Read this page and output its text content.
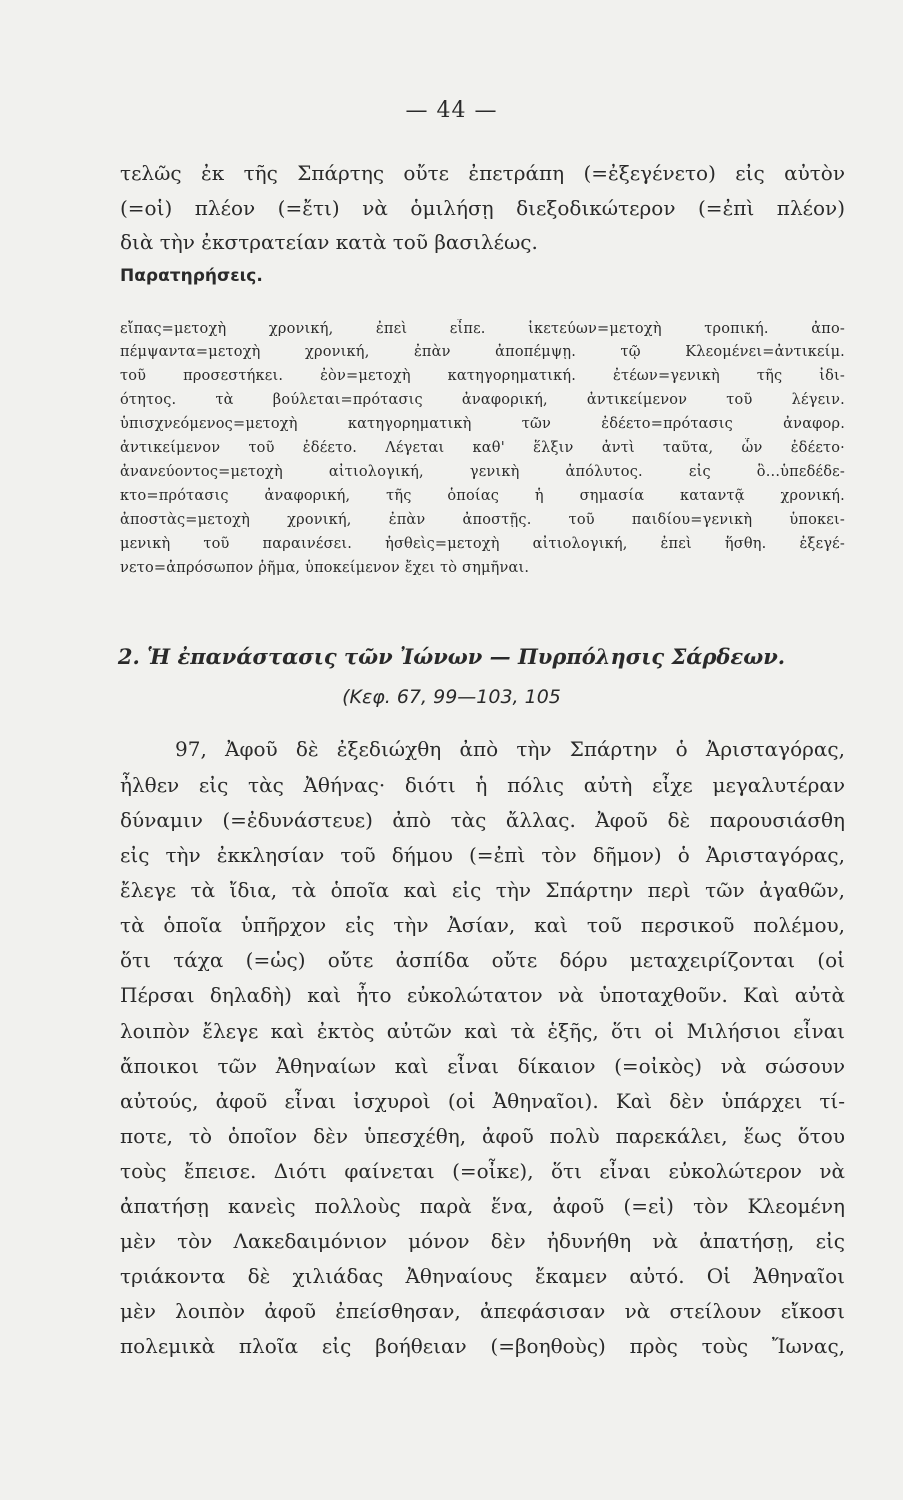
— 44 —
τελῶς ἐκ τῆς Σπάρτης οὔτε ἐπετράπη (=ἐξεγένετο) εἰς αὐτὸν
(=οἱ) πλέον (=ἔτι) νὰ ὁμιλήσῃ διεξοδικώτερον (=ἐπὶ πλέον)
διὰ τὴν ἐκστρατείαν κατὰ τοῦ βασιλέως.
Παρατηρήσεις.
εἴπας=μετοχὴ χρονική, ἐπεὶ εἶπε. ἱκετεύων=μετοχὴ τροπική. ἀπο-
πέμψαντα=μετοχὴ χρονική, ἐπὰν ἀποπέμψῃ. τῷ Κλεομένει=ἀντικείμ.
τοῦ προσεστήκει. ἐὸν=μετοχὴ κατηγορηματική. ἐτέων=γενικὴ τῆς ἰδι-
ότητος. τὰ βούλεται=πρότασις ἀναφορική, ἀντικείμενον τοῦ λέγειν.
ὑπισχνεόμενος=μετοχὴ κατηγορηματικὴ τῶν ἐδέετο=πρότασις ἀναφορ.
ἀντικείμενον τοῦ ἐδέετο. Λέγεται καθ' ἕλξιν ἀντὶ ταῦτα, ὧν ἐδέετο·
ἀνανεύοντος=μετοχὴ αἰτιολογική, γενικὴ ἀπόλυτος. εἰς ὃ...ὑπεδέδε-
κτο=πρότασις ἀναφορική, τῆς ὁποίας ἡ σημασία καταντᾷ χρονική.
ἀποστὰς=μετοχὴ χρονική, ἐπὰν ἀποστῇς. τοῦ παιδίου=γενικὴ ὑποκει-
μενικὴ τοῦ παραινέσει. ἡσθεὶς=μετοχὴ αἰτιολογική, ἐπεὶ ἥσθη. ἐξεγέ-
νετο=ἀπρόσωπον ῥῆμα, ὑποκείμενον ἔχει τὸ σημῆναι.
2. Ἡ ἐπανάστασις τῶν Ἰώνων — Πυρπόλησις Σάρδεων.
(Κεφ. 67, 99—103, 105
97, Ἀφοῦ δὲ ἐξεδιώχθη ἀπὸ τὴν Σπάρτην ὁ Ἀρισταγόρας,
ἦλθεν εἰς τὰς Ἀθήνας· διότι ἡ πόλις αὐτὴ εἶχε μεγαλυτέραν
δύναμιν (=ἐδυνάστευε) ἀπὸ τὰς ἄλλας. Ἀφοῦ δὲ παρουσιάσθη
εἰς τὴν ἐκκλησίαν τοῦ δήμου (=ἐπὶ τὸν δῆμον) ὁ Ἀρισταγόρας,
ἔλεγε τὰ ἴδια, τὰ ὁποῖα καὶ εἰς τὴν Σπάρτην περὶ τῶν ἀγαθῶν,
τὰ ὁποῖα ὑπῆρχον εἰς τὴν Ἀσίαν, καὶ τοῦ περσικοῦ πολέμου,
ὅτι τάχα (=ὡς) οὔτε ἀσπίδα οὔτε δόρυ μεταχειρίζονται (οἱ
Πέρσαι δηλαδὴ) καὶ ἦτο εὐκολώτατον νὰ ὑποταχθοῦν. Καὶ αὐτὰ
λοιπὸν ἔλεγε καὶ ἐκτὸς αὐτῶν καὶ τὰ ἑξῆς, ὅτι οἱ Μιλήσιοι εἶναι
ἄποικοι τῶν Ἀθηναίων καὶ εἶναι δίκαιον (=οἰκὸς) νὰ σώσουν
αὐτούς, ἀφοῦ εἶναι ἰσχυροὶ (οἱ Ἀθηναῖοι). Καὶ δὲν ὑπάρχει τί-
ποτε, τὸ ὁποῖον δὲν ὑπεσχέθη, ἀφοῦ πολὺ παρεκάλει, ἕως ὅτου
τοὺς ἔπεισε. Διότι φαίνεται (=οἶκε), ὅτι εἶναι εὐκολώτερον νὰ
ἀπατήσῃ κανεὶς πολλοὺς παρὰ ἕνα, ἀφοῦ (=εἰ) τὸν Κλεομένη
μὲν τὸν Λακεδαιμόνιον μόνον δὲν ἠδυνήθη νὰ ἀπατήσῃ, εἰς
τριάκοντα δὲ χιλιάδας Ἀθηναίους ἔκαμεν αὐτό. Οἱ Ἀθηναῖοι
μὲν λοιπὸν ἀφοῦ ἐπείσθησαν, ἀπεφάσισαν νὰ στείλουν εἴκοσι
πολεμικὰ πλοῖα εἰς βοήθειαν (=βοηθοὺς) πρὸς τοὺς Ἴωνας,
